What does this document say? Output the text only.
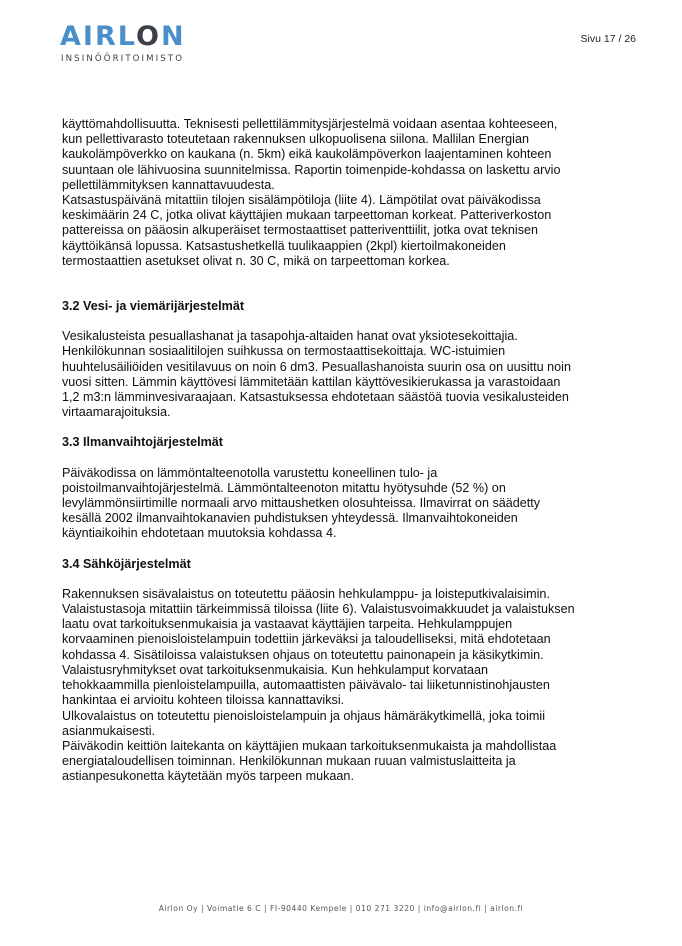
AIRLON
INSINÖÖRITOIMISTO
Sivu 17 / 26

käyttömahdollisuutta. Teknisesti pellettilämmitysjärjestelmä voidaan asentaa kohteeseen,
kun pellettivarasto toteutetaan rakennuksen ulkopuolisena siilona. Mallilan Energian
kaukolämpöverkko on kaukana (n. 5km) eikä kaukolämpöverkon laajentaminen kohteen
suuntaan ole lähivuosina suunnitelmissa. Raportin toimenpide-kohdassa on laskettu arvio
pellettilämmityksen kannattavuudesta.
Katsastuspäivänä mitattiin tilojen sisälämpötiloja (liite 4). Lämpötilat ovat päiväkodissa
keskimäärin 24 C, jotka olivat käyttäjien mukaan tarpeettoman korkeat. Patteriverkoston
pattereissa on pääosin alkuperäiset termostaattiset patteriventtiilit, jotka ovat teknisen
käyttöikänsä lopussa. Katsastushetkellä tuulikaappien (2kpl) kiertoilmakoneiden
termostaattien asetukset olivat n. 30 C, mikä on tarpeettoman korkea.

3.2 Vesi- ja viemärijärjestelmät

Vesikalusteista pesuallashanat ja tasapohja-altaiden hanat ovat yksiotesekoittajia.
Henkilökunnan sosiaalitilojen suihkussa on termostaattisekoittaja. WC-istuimien
huuhtelusäiliöiden vesitilavuus on noin 6 dm3. Pesuallashanoista suurin osa on uusittu noin
vuosi sitten. Lämmin käyttövesi lämmitetään kattilan käyttövesikierukassa ja varastoidaan
1,2 m3:n lämminvesivaraajaan. Katsastuksessa ehdotetaan säästöä tuovia vesikalusteiden
virtaamarajoituksia.

3.3 Ilmanvaihtojärjestelmät

Päiväkodissa on lämmöntalteenotolla varustettu koneellinen tulo- ja
poistoilmanvaihtojärjestelmä. Lämmöntalteenoton mitattu hyötysuhde (52 %) on
levylämmönsiirtimille normaali arvo mittaushetken olosuhteissa. Ilmavirrat on säädetty
kesällä 2002 ilmanvaihtokanavien puhdistuksen yhteydessä. Ilmanvaihtokoneiden
käyntiaikoihin ehdotetaan muutoksia kohdassa 4.

3.4 Sähköjärjestelmät

Rakennuksen sisävalaistus on toteutettu pääosin hehkulamppu- ja loisteputkivalaisimin.
Valaistustasoja mitattiin tärkeimmissä tiloissa (liite 6). Valaistusvoimakkuudet ja valaistuksen
laatu ovat tarkoituksenmukaisia ja vastaavat käyttäjien tarpeita. Hehkulamppujen
korvaaminen pienoisloistelampuin todettiin järkeväksi ja taloudelliseksi, mitä ehdotetaan
kohdassa 4. Sisätiloissa valaistuksen ohjaus on toteutettu painonapein ja käsikytkimin.
Valaistusryhmitykset ovat tarkoituksenmukaisia. Kun hehkulamput korvataan
tehokkaammilla pienloistelampuilla, automaattisten päivävalo- tai liiketunnistinohjausten
hankintaa ei arvioitu kohteen tiloissa kannattaviksi.
Ulkovalaistus on toteutettu pienoisloistelampuin ja ohjaus hämäräkytkimellä, joka toimii
asianmukaisesti.
Päiväkodin keittiön laitekanta on käyttäjien mukaan tarkoituksenmukaista ja mahdollistaa
energiataloudellisen toiminnan. Henkilökunnan mukaan ruuan valmistuslaitteita ja
astianpesukonetta käytetään myös tarpeen mukaan.

Airlon Oy | Voimatie 6 C | FI-90440 Kempele | 010 271 3220 | info@airlon.fi | airlon.fi
